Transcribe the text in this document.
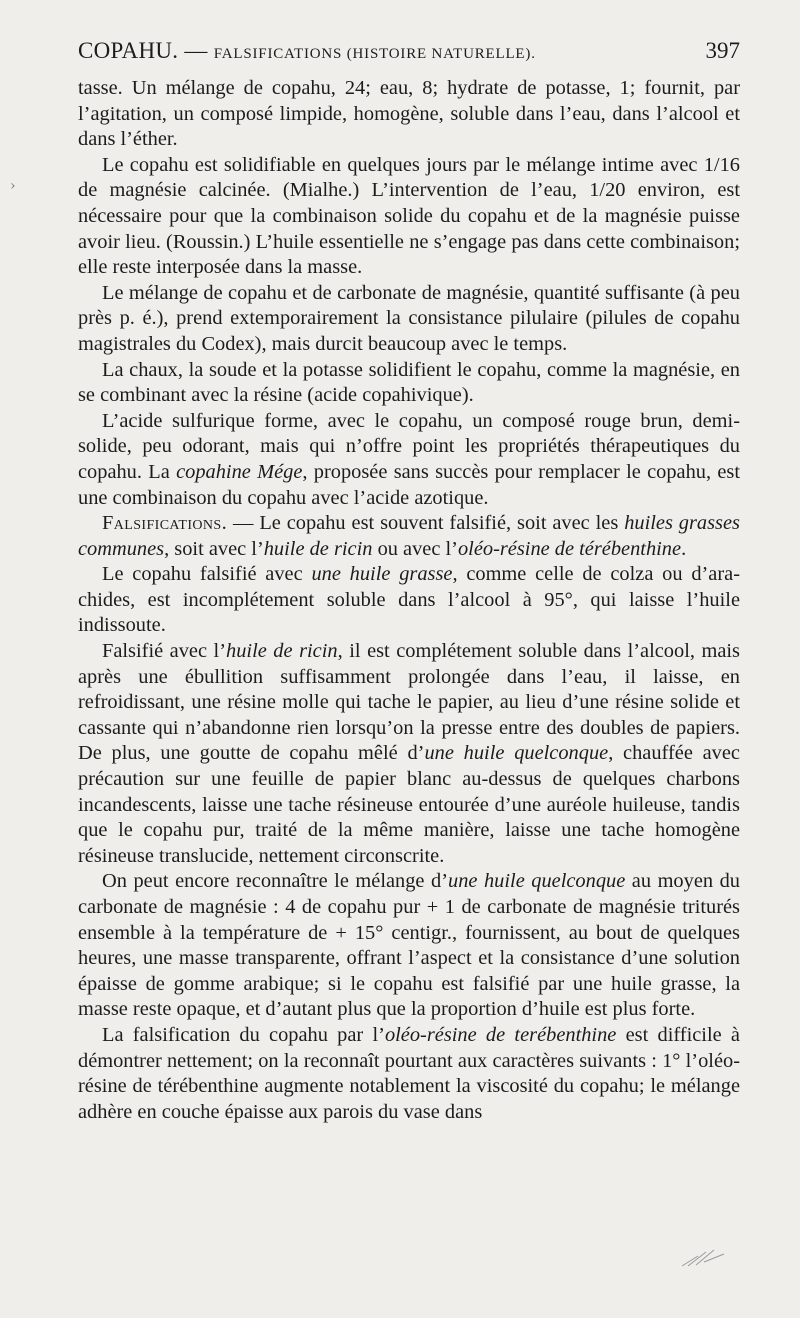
COPAHU. — FALSIFICATIONS (HISTOIRE NATURELLE).	397
›

tasse. Un mélange de copahu, 24; eau, 8; hydrate de potasse, 1; fournit, par l’agitation, un composé limpide, homogène, soluble dans l’eau, dans l’alcool et dans l’éther.

Le copahu est solidifiable en quelques jours par le mélange intime avec 1/16 de magnésie calcinée. (Mialhe.) L’intervention de l’eau, 1/20 environ, est nécessaire pour que la combinaison solide du copahu et de la magnésie puisse avoir lieu. (Roussin.) L’huile essentielle ne s’engage pas dans cette combinaison; elle reste interposée dans la masse.

Le mélange de copahu et de carbonate de magnésie, quantité suffisante (à peu près p. é.), prend extemporairement la consistance pilulaire (pilules de copahu magistrales du Codex), mais durcit beaucoup avec le temps.

La chaux, la soude et la potasse solidifient le copahu, comme la magnésie, en se combinant avec la résine (acide copahivique).

L’acide sulfurique forme, avec le copahu, un composé rouge brun, demi-solide, peu odorant, mais qui n’offre point les propriétés thérapeutiques du copahu. La copahine Mége, proposée sans succès pour remplacer le copahu, est une combinaison du copahu avec l’acide azotique.

Falsifications. — Le copahu est souvent falsifié, soit avec les huiles grasses communes, soit avec l’huile de ricin ou avec l’oléo-résine de térébenthine.

Le copahu falsifié avec une huile grasse, comme celle de colza ou d’arachides, est incomplétement soluble dans l’alcool à 95°, qui laisse l’huile indissoute.

Falsifié avec l’huile de ricin, il est complétement soluble dans l’alcool, mais après une ébullition suffisamment prolongée dans l’eau, il laisse, en refroidissant, une résine molle qui tache le papier, au lieu d’une résine solide et cassante qui n’abandonne rien lorsqu’on la presse entre des doubles de papiers. De plus, une goutte de copahu mêlé d’une huile quelconque, chauffée avec précaution sur une feuille de papier blanc au-dessus de quelques charbons incandescents, laisse une tache résineuse entourée d’une auréole huileuse, tandis que le copahu pur, traité de la même manière, laisse une tache homogène résineuse translucide, nettement circonscrite.

On peut encore reconnaître le mélange d’une huile quelconque au moyen du carbonate de magnésie : 4 de copahu pur + 1 de carbonate de magnésie triturés ensemble à la température de + 15° centigr., fournissent, au bout de quelques heures, une masse transparente, offrant l’aspect et la consistance d’une solution épaisse de gomme arabique; si le copahu est falsifié par une huile grasse, la masse reste opaque, et d’autant plus que la proportion d’huile est plus forte.

La falsification du copahu par l’oléo-résine de terébenthine est difficile à démontrer nettement; on la reconnaît pourtant aux caractères suivants : 1° l’oléo-résine de térébenthine augmente notablement la viscosité du copahu; le mélange adhère en couche épaisse aux parois du vase dans
